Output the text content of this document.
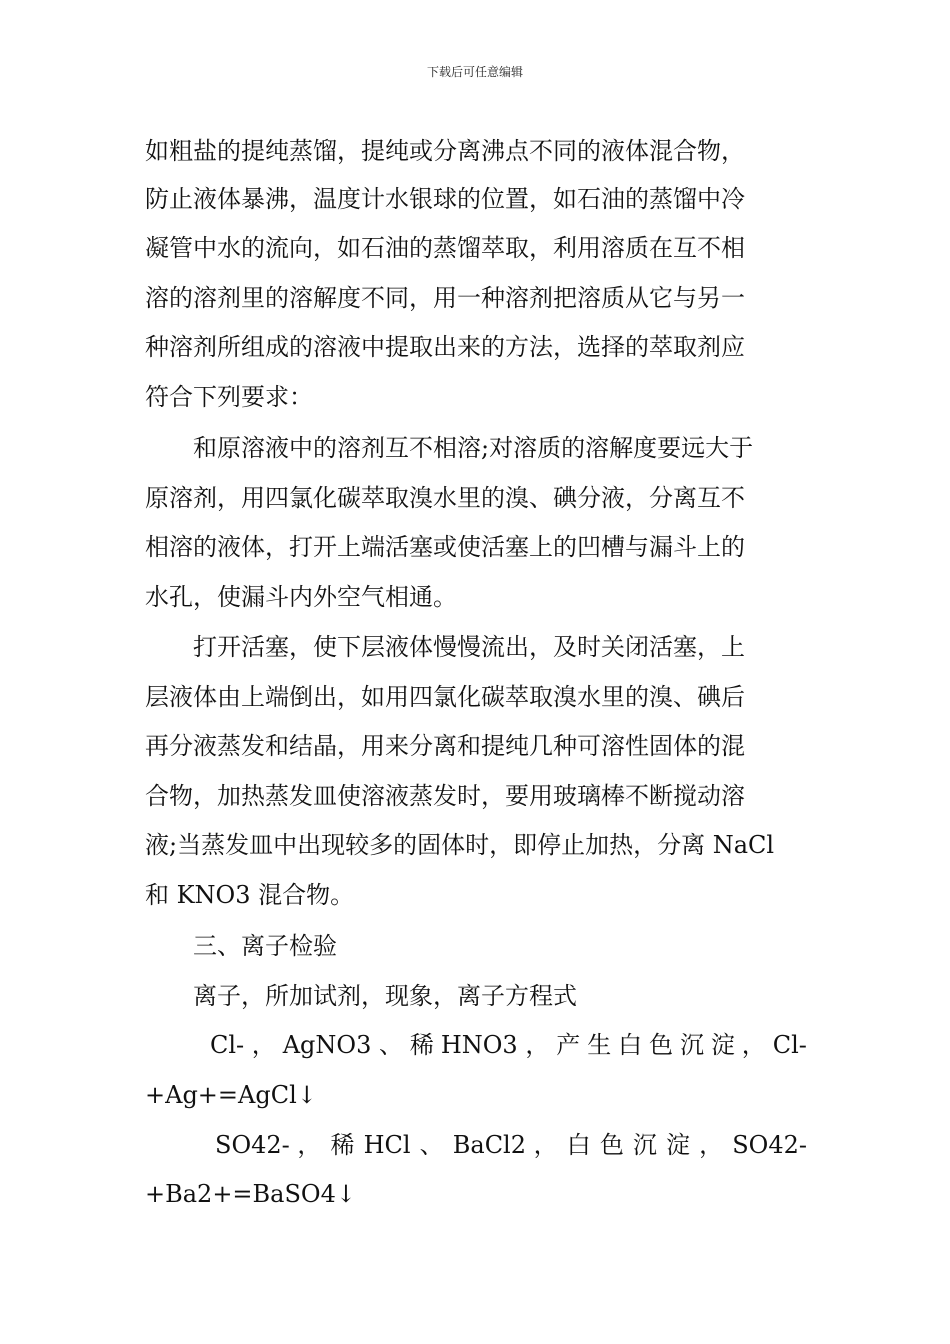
下载后可任意编辑
如粗盐的提纯蒸馏，提纯或分离沸点不同的液体混合物，
防止液体暴沸，温度计水银球的位置，如石油的蒸馏中冷
凝管中水的流向，如石油的蒸馏萃取，利用溶质在互不相
溶的溶剂里的溶解度不同，用一种溶剂把溶质从它与另一
种溶剂所组成的溶液中提取出来的方法，选择的萃取剂应
符合下列要求：
　　和原溶液中的溶剂互不相溶;对溶质的溶解度要远大于
原溶剂，用四氯化碳萃取溴水里的溴、碘分液，分离互不
相溶的液体，打开上端活塞或使活塞上的凹槽与漏斗上的
水孔，使漏斗内外空气相通。
　　打开活塞，使下层液体慢慢流出，及时关闭活塞，上
层液体由上端倒出，如用四氯化碳萃取溴水里的溴、碘后
再分液蒸发和结晶，用来分离和提纯几种可溶性固体的混
合物，加热蒸发皿使溶液蒸发时，要用玻璃棒不断搅动溶
液;当蒸发皿中出现较多的固体时，即停止加热，分离 NaCl
和 KNO3 混合物。
　　三、离子检验
　　离子，所加试剂，现象，离子方程式
Cl- ， AgNO3 、 稀 HNO3 ， 产 生 白 色 沉 淀 ， Cl-
+Ag+=AgCl↓
SO42- ， 稀 HCl 、 BaCl2 ， 白 色 沉 淀 ， SO42-
+Ba2+=BaSO4↓
